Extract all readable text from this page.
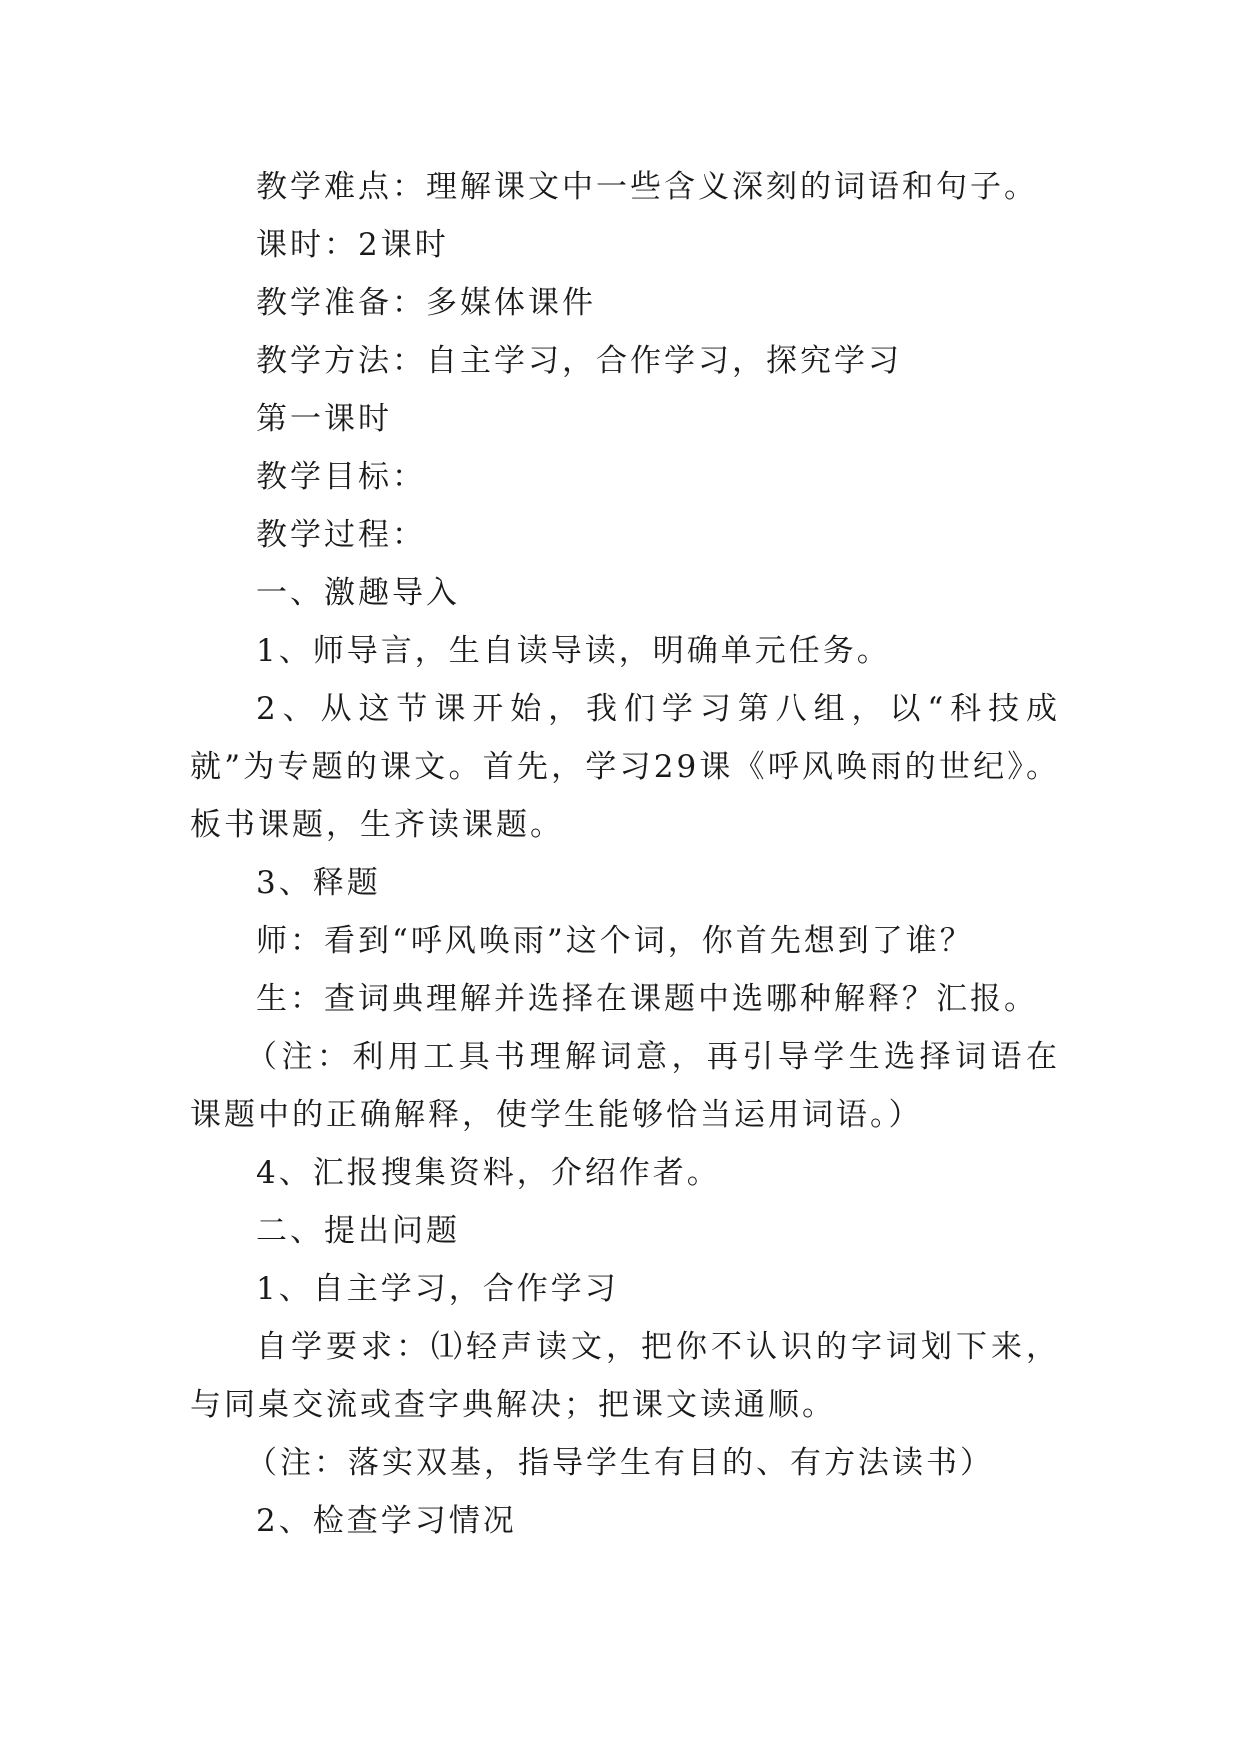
教学难点：理解课文中一些含义深刻的词语和句子。

课时：2课时

教学准备：多媒体课件

教学方法：自主学习，合作学习，探究学习

第一课时

教学目标：

教学过程：

一、激趣导入

1、师导言，生自读导读，明确单元任务。

2、从这节课开始，我们学习第八组，以“科技成就”为专题的课文。首先，学习29课《呼风唤雨的世纪》。板书课题，生齐读课题。

3、释题

师：看到“呼风唤雨”这个词，你首先想到了谁？

生：查词典理解并选择在课题中选哪种解释？汇报。

（注：利用工具书理解词意，再引导学生选择词语在课题中的正确解释，使学生能够恰当运用词语。）

4、汇报搜集资料，介绍作者。

二、提出问题

1、自主学习，合作学习

自学要求：⑴轻声读文，把你不认识的字词划下来，与同桌交流或查字典解决；把课文读通顺。

（注：落实双基，指导学生有目的、有方法读书）

2、检查学习情况
